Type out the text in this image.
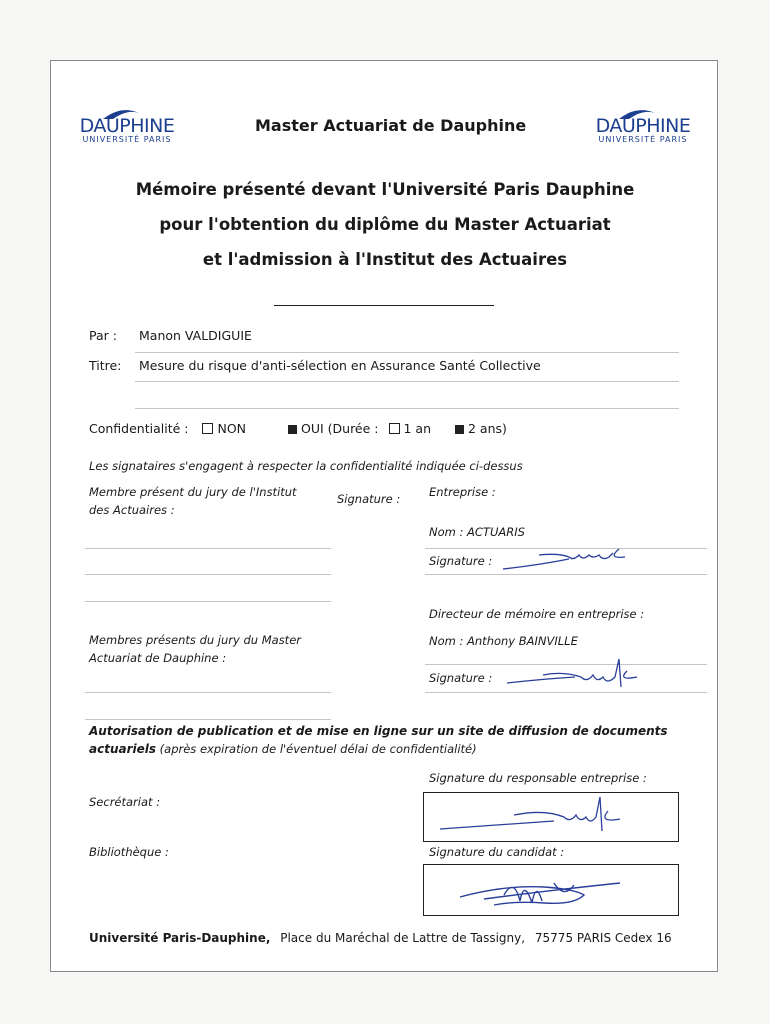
DAUPHINE
UNIVERSITÉ PARIS
Master Actuariat de Dauphine	DAUPHINE
UNIVERSITÉ PARIS
Mémoire présenté devant l'Université Paris Dauphine
pour l'obtention du diplôme du Master Actuariat
et l'admission à l'Institut des Actuaires
Par : Manon VALDIGUIE
Titre: Mesure du risque d'anti-sélection en Assurance Santé Collective
Confidentialité : NON	OUI (Durée : 1 an	2 ans)
Les signataires s'engagent à respecter la confidentialité indiquée ci-dessus
Membre présent du jury de l'Institut
des Actuaires :
Signature : Entreprise :
Nom : ACTUARIS
Signature :
Directeur de mémoire en entreprise :
Nom : Anthony BAINVILLE
Signature :
Membres présents du jury du Master
Actuariat de Dauphine :
Autorisation de publication et de mise en ligne sur un site de diffusion de documents
actuariels (après expiration de l'éventuel délai de confidentialité)
Signature du responsable entreprise :
Secrétariat :
Bibliothèque :	Signature du candidat :
Université Paris-Dauphine, Place du Maréchal de Lattre de Tassigny, 75775 PARIS Cedex 16
